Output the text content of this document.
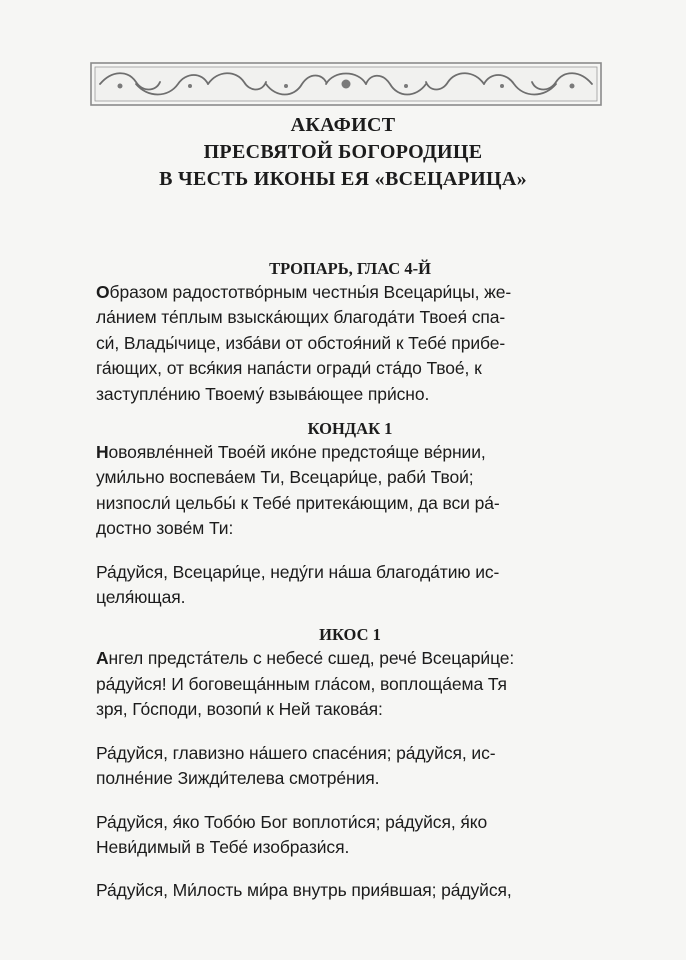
АКАФИСТ
ПРЕСВЯТОЙ БОГОРОДИЦЕ
В ЧЕСТЬ ИКОНЫ ЕЯ «ВСЕЦАРИЦА»
ТРОПАРЬ, ГЛАС 4-Й
Образом радостотво́рным честны́я Всецари́цы, же-
ла́нием те́плым взыска́ющих благода́ти Твоея́ спа-
си́, Влады́чице, изба́ви от обстоя́ний к Тебе́ прибе-
га́ющих, от вся́кия напа́сти огради́ ста́до Твое́, к
заступле́нию Твоему́ взыва́ющее при́сно.
КОНДАК 1
Новоявле́нней Твое́й ико́не предстоя́ще ве́рнии,
уми́льно воспева́ем Ти, Всецари́це, раби́ Твои́;
низпосли́ цельбы́ к Тебе́ притека́ющим, да вси ра́-
достно зове́м Ти:
Ра́дуйся, Всецари́це, неду́ги на́ша благода́тию ис-
целя́ющая.
ИКОС 1
Ангел предста́тель с небесе́ сшед, рече́ Всецари́це:
ра́дуйся! И боговеща́нным гла́сом, воплоща́ема Тя
зря, Го́споди, возопи́ к Ней такова́я:
Ра́дуйся, главизно на́шего спасе́ния; ра́дуйся, ис-
полне́ние Зижди́телева смотре́ния.
Ра́дуйся, я́ко Тобо́ю Бог воплоти́ся; ра́дуйся, я́ко
Неви́димый в Тебе́ изобрази́ся.
Ра́дуйся, Ми́лость ми́ра внутрь прия́вшая; ра́дуйся,
